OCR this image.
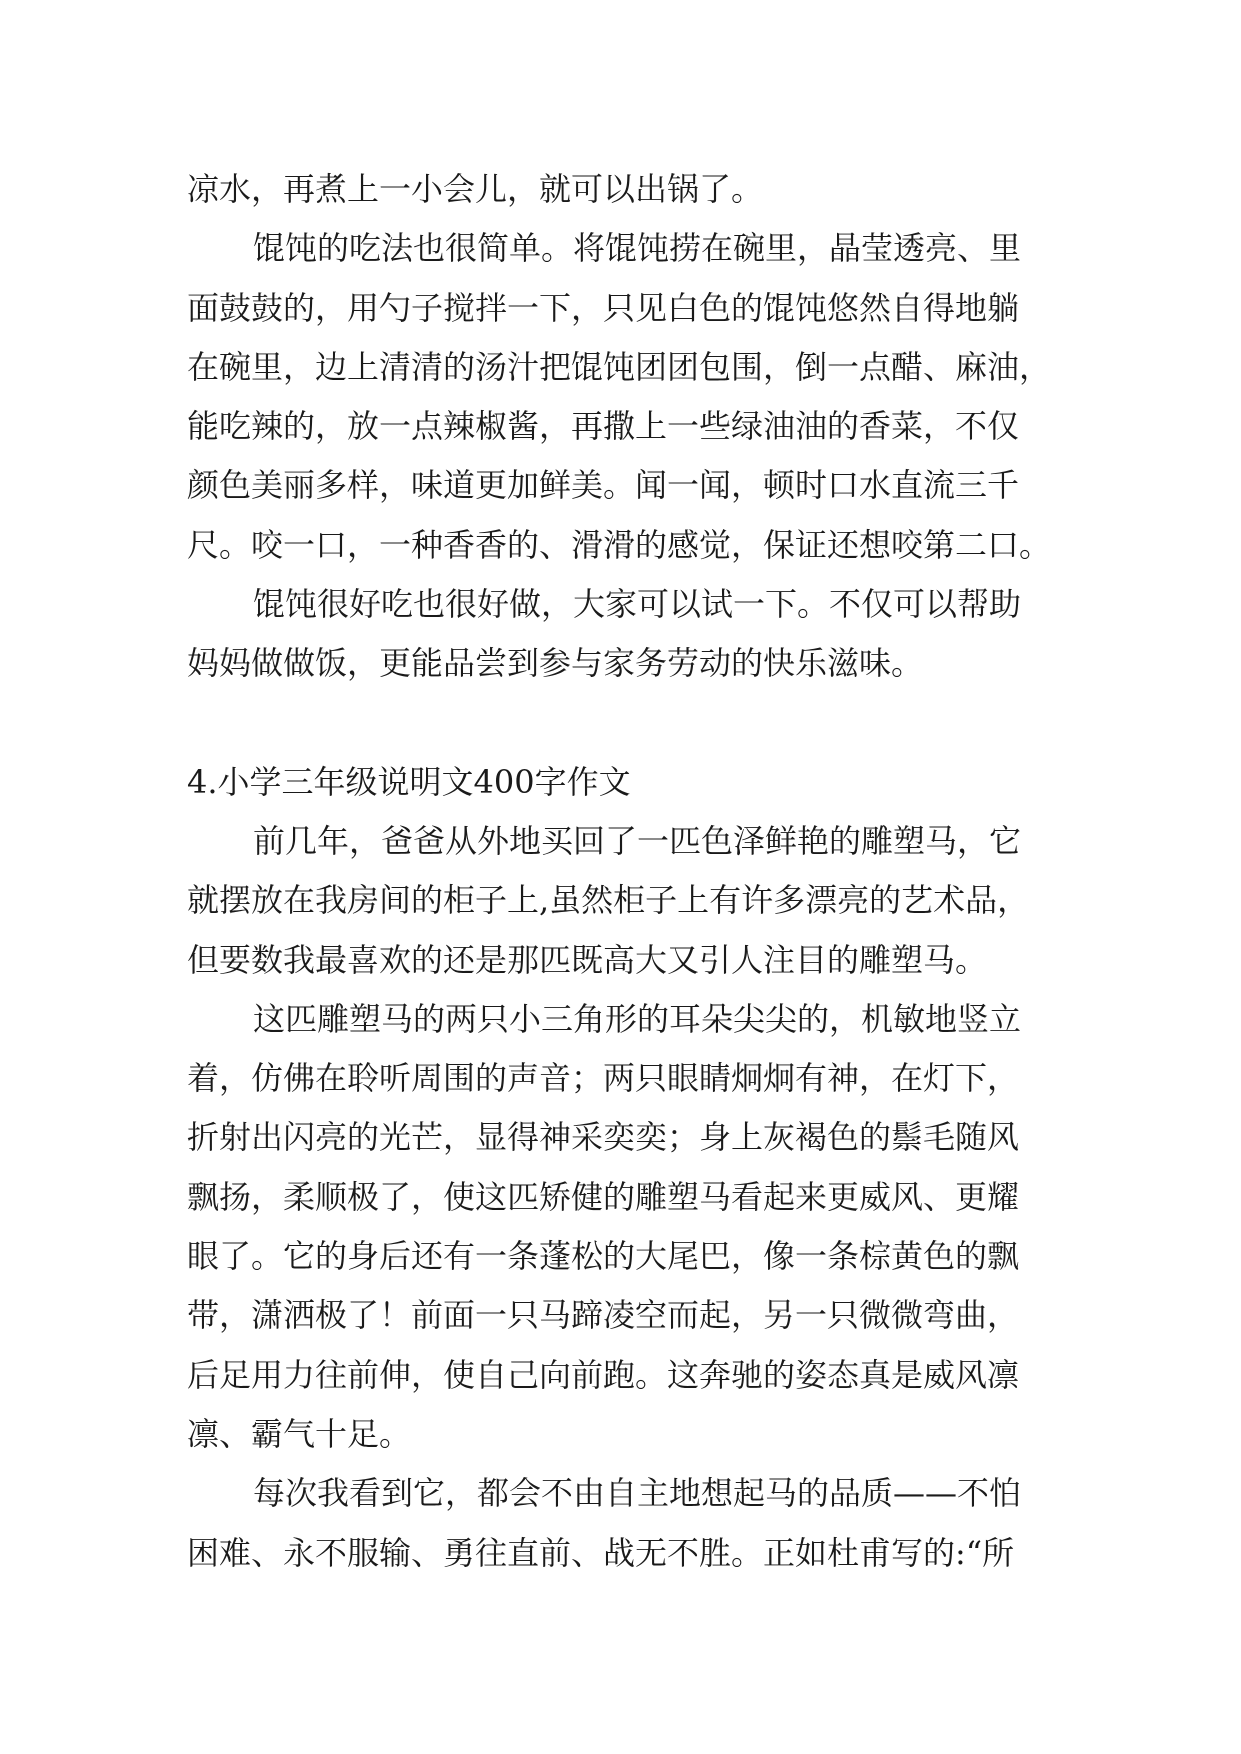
凉水，再煮上一小会儿，就可以出锅了。
馄饨的吃法也很简单。将馄饨捞在碗里，晶莹透亮、里
面鼓鼓的，用勺子搅拌一下，只见白色的馄饨悠然自得地躺
在碗里，边上清清的汤汁把馄饨团团包围，倒一点醋、麻油，
能吃辣的，放一点辣椒酱，再撒上一些绿油油的香菜，不仅
颜色美丽多样，味道更加鲜美。闻一闻，顿时口水直流三千
尺。咬一口，一种香香的、滑滑的感觉，保证还想咬第二口。
馄饨很好吃也很好做，大家可以试一下。不仅可以帮助
妈妈做做饭，更能品尝到参与家务劳动的快乐滋味。
4.小学三年级说明文400字作文
前几年，爸爸从外地买回了一匹色泽鲜艳的雕塑马，它
就摆放在我房间的柜子上,虽然柜子上有许多漂亮的艺术品，
但要数我最喜欢的还是那匹既高大又引人注目的雕塑马。
这匹雕塑马的两只小三角形的耳朵尖尖的，机敏地竖立
着，仿佛在聆听周围的声音；两只眼睛炯炯有神，在灯下，
折射出闪亮的光芒，显得神采奕奕；身上灰褐色的鬃毛随风
飘扬，柔顺极了，使这匹矫健的雕塑马看起来更威风、更耀
眼了。它的身后还有一条蓬松的大尾巴，像一条棕黄色的飘
带，潇洒极了！前面一只马蹄凌空而起，另一只微微弯曲，
后足用力往前伸，使自己向前跑。这奔驰的姿态真是威风凛
凛、霸气十足。
每次我看到它，都会不由自主地想起马的品质——不怕
困难、永不服输、勇往直前、战无不胜。正如杜甫写的:“所
